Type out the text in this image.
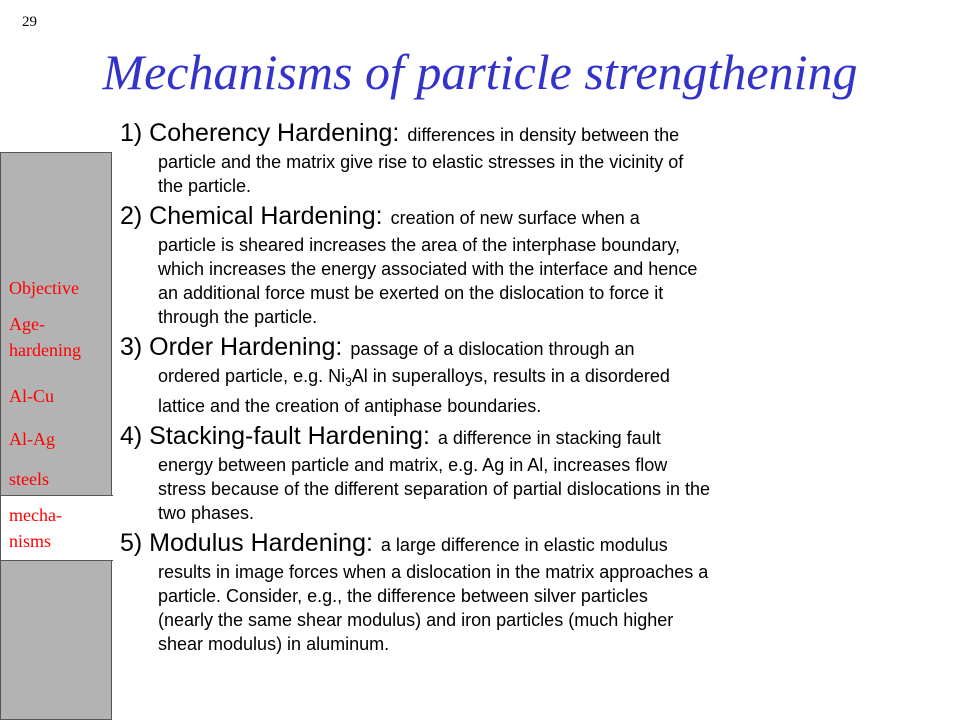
29
Mechanisms of particle strengthening
Objective
Age-
hardening
Al-Cu
Al-Ag
steels
mecha-
nisms
1) Coherency Hardening: differences in density between the
particle and the matrix give rise to elastic stresses in the vicinity of
the particle.
2) Chemical Hardening: creation of new surface when a
particle is sheared increases the area of the interphase boundary,
which increases the energy associated with the interface and hence
an additional force must be exerted on the dislocation to force it
through the particle.
3) Order Hardening: passage of a dislocation through an
ordered particle, e.g. $Ni_3Al$ in superalloys, results in a disordered
lattice and the creation of antiphase boundaries.
4) Stacking-fault Hardening: a difference in stacking fault
energy between particle and matrix, e.g. Ag in Al, increases flow
stress because of the different separation of partial dislocations in the
two phases.
5) Modulus Hardening: a large difference in elastic modulus
results in image forces when a dislocation in the matrix approaches a
particle. Consider, e.g., the difference between silver particles
(nearly the same shear modulus) and iron particles (much higher
shear modulus) in aluminum.
